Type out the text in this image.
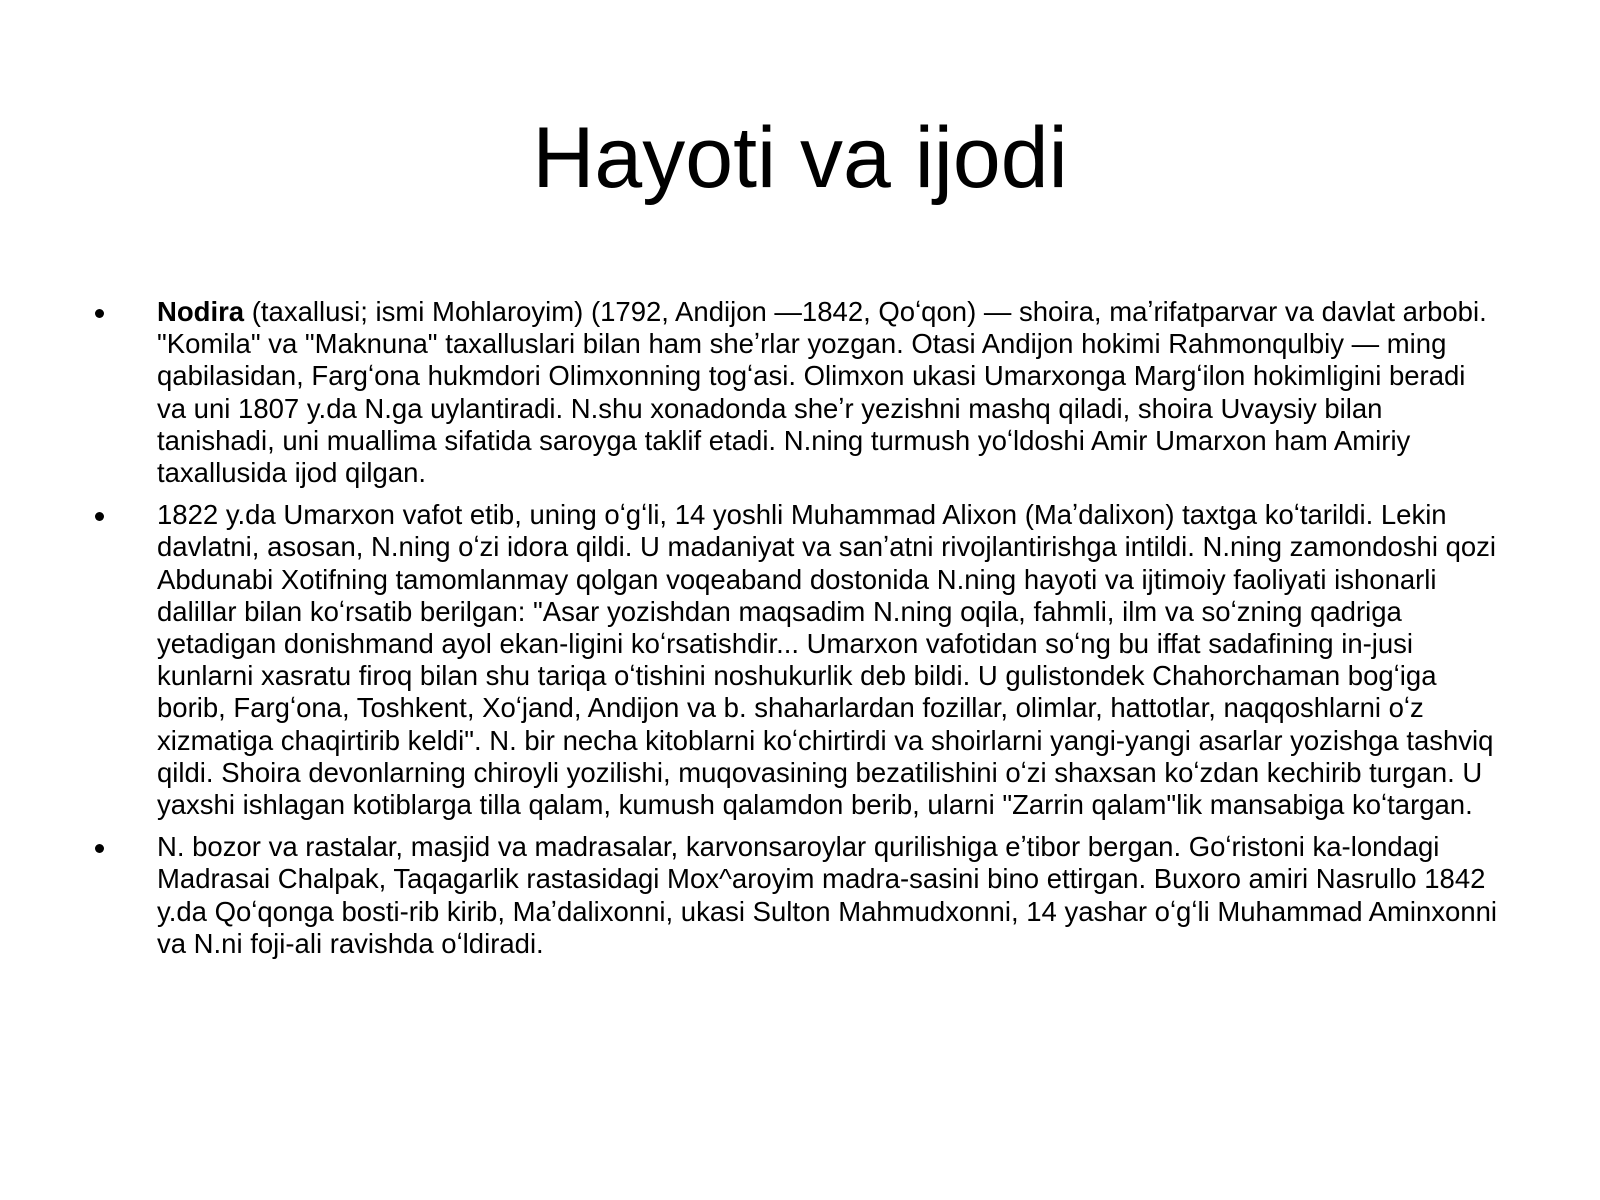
Hayoti va ijodi
Nodira (taxallusi; ismi Mohlaroyim) (1792, Andijon —1842, Qoʻqon) — shoira, maʼrifatparvar va davlat arbobi. "Komila" va "Maknuna" taxalluslari bilan ham sheʼrlar yozgan. Otasi Andijon hokimi Rahmonqulbiy — ming qabilasidan, Fargʻona hukmdori Olimxonning togʻasi. Olimxon ukasi Umarxonga Margʻilon hokimligini beradi va uni 1807 y.da N.ga uylantiradi. N.shu xonadonda sheʼr yezishni mashq qiladi, shoira Uvaysiy bilan tanishadi, uni muallima sifatida saroyga taklif etadi. N.ning turmush yoʻldoshi Amir Umarxon ham Amiriy taxallusida ijod qilgan.
1822 y.da Umarxon vafot etib, uning oʻgʻli, 14 yoshli Muhammad Alixon (Maʼdalixon) taxtga koʻtarildi. Lekin davlatni, asosan, N.ning oʻzi idora qildi. U madaniyat va sanʼatni rivojlantirishga intildi. N.ning zamondoshi qozi Abdunabi Xotifning tamomlanmay qolgan voqeaband dostonida N.ning hayoti va ijtimoiy faoliyati ishonarli dalillar bilan koʻrsatib berilgan: "Asar yozishdan maqsadim N.ning oqila, fahmli, ilm va soʻzning qadriga yetadigan donishmand ayol ekan-ligini koʻrsatishdir... Umarxon vafotidan soʻng bu iffat sadafining in-jusi kunlarni xasratu firoq bilan shu tariqa oʻtishini noshukurlik deb bildi. U gulistondek Chahorchaman bogʻiga borib, Fargʻona, Toshkent, Xoʻjand, Andijon va b. shaharlardan fozillar, olimlar, hattotlar, naqqoshlarni oʻz xizmatiga chaqirtirib keldi". N. bir necha kitoblarni koʻchirtirdi va shoirlarni yangi-yangi asarlar yozishga tashviq qildi. Shoira devonlarning chiroyli yozilishi, muqovasining bezatilishini oʻzi shaxsan koʻzdan kechirib turgan. U yaxshi ishlagan kotiblarga tilla qalam, kumush qalamdon berib, ularni "Zarrin qalam"lik mansabiga koʻtargan.
N. bozor va rastalar, masjid va madrasalar, karvonsaroylar qurilishiga eʼtibor bergan. Goʻristoni ka-londagi Madrasai Chalpak, Taqagarlik rastasidagi Mox^aroyim madra-sasini bino ettirgan. Buxoro amiri Nasrullo 1842 y.da Qoʻqonga bosti-rib kirib, Maʼdalixonni, ukasi Sulton Mahmudxonni, 14 yashar oʻgʻli Muhammad Aminxonni va N.ni foji-ali ravishda oʻldiradi.
